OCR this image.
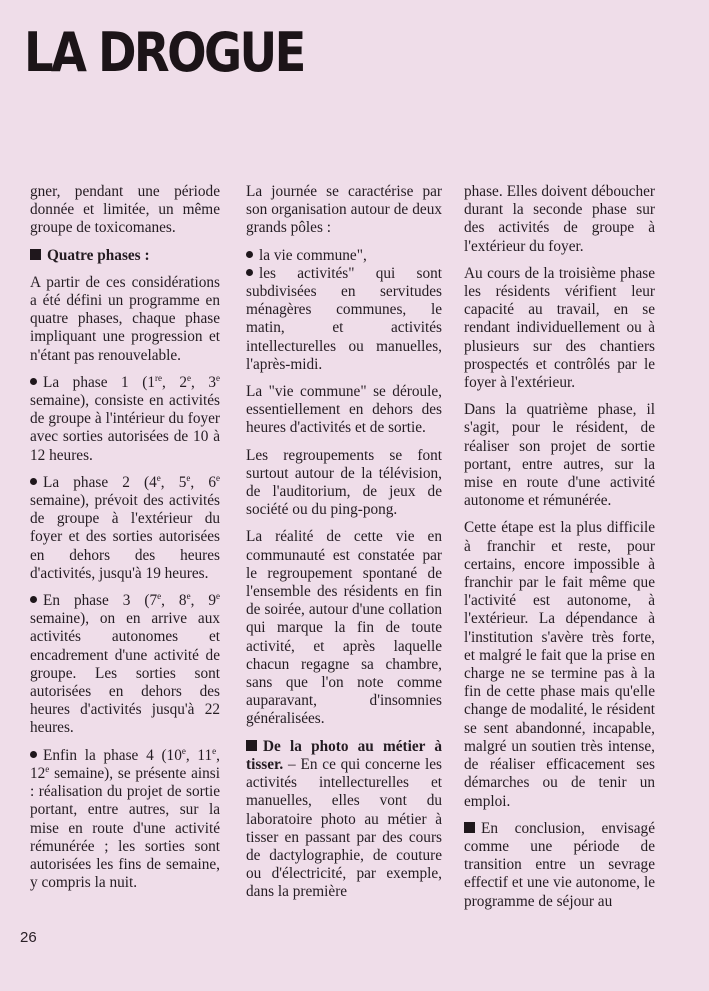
LA DROGUE

gner, pendant une période donnée et limitée, un même groupe de toxicomanes.

Quatre phases :

A partir de ces considérations a été défini un programme en quatre phases, chaque phase impliquant une progression et n'étant pas renouvelable.

La phase 1 (1re, 2e, 3e semaine), consiste en activités de groupe à l'intérieur du foyer avec sorties autorisées de 10 à 12 heures.

La phase 2 (4e, 5e, 6e semaine), prévoit des activités de groupe à l'extérieur du foyer et des sorties autorisées en dehors des heures d'activités, jusqu'à 19 heures.

En phase 3 (7e, 8e, 9e semaine), on en arrive aux activités autonomes et encadrement d'une activité de groupe. Les sorties sont autorisées en dehors des heures d'activités jusqu'à 22 heures.

Enfin la phase 4 (10e, 11e, 12e semaine), se présente ainsi : réalisation du projet de sortie portant, entre autres, sur la mise en route d'une activité rémunérée ; les sorties sont autorisées les fins de semaine, y compris la nuit.

La journée se caractérise par son organisation autour de deux grands pôles :

la vie commune",

les activités" qui sont subdivisées en servitudes ménagères communes, le matin, et activités intellecturelles ou manuelles, l'après-midi.

La "vie commune" se déroule, essentiellement en dehors des heures d'activités et de sortie.

Les regroupements se font surtout autour de la télévision, de l'auditorium, de jeux de société ou du ping-pong.

La réalité de cette vie en communauté est constatée par le regroupement spontané de l'ensemble des résidents en fin de soirée, autour d'une collation qui marque la fin de toute activité, et après laquelle chacun regagne sa chambre, sans que l'on note comme auparavant, d'insomnies généralisées.

De la photo au métier à tisser. – En ce qui concerne les activités intellecturelles et manuelles, elles vont du laboratoire photo au métier à tisser en passant par des cours de dactylographie, de couture ou d'électricité, par exemple, dans la première

phase. Elles doivent déboucher durant la seconde phase sur des activités de groupe à l'extérieur du foyer.

Au cours de la troisième phase les résidents vérifient leur capacité au travail, en se rendant individuellement ou à plusieurs sur des chantiers prospectés et contrôlés par le foyer à l'extérieur.

Dans la quatrième phase, il s'agit, pour le résident, de réaliser son projet de sortie portant, entre autres, sur la mise en route d'une activité autonome et rémunérée.

Cette étape est la plus difficile à franchir et reste, pour certains, encore impossible à franchir par le fait même que l'activité est autonome, à l'extérieur. La dépendance à l'institution s'avère très forte, et malgré le fait que la prise en charge ne se termine pas à la fin de cette phase mais qu'elle change de modalité, le résident se sent abandonné, incapable, malgré un soutien très intense, de réaliser efficacement ses démarches ou de tenir un emploi.

En conclusion, envisagé comme une période de transition entre un sevrage effectif et une vie autonome, le programme de séjour au

26
